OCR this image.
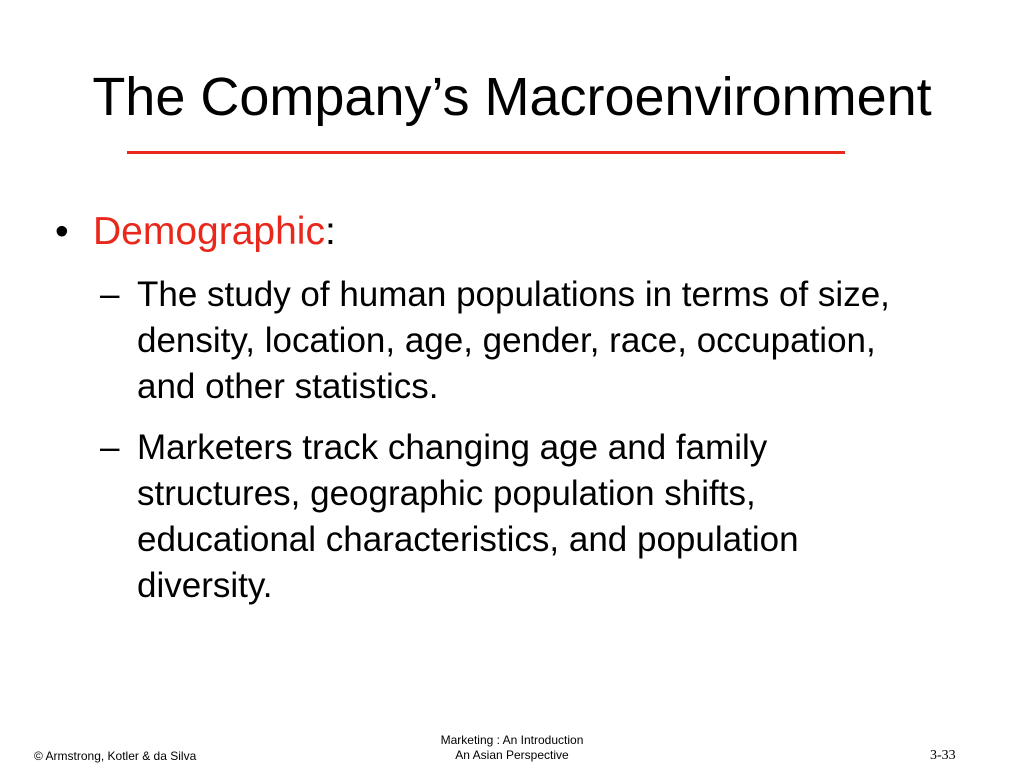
The Company’s Macroenvironment
• Demographic:
– The study of human populations in terms of size, density, location, age, gender, race, occupation, and other statistics.
– Marketers track changing age and family structures, geographic population shifts, educational characteristics, and population diversity.
© Armstrong, Kotler & da Silva
Marketing : An Introduction
An Asian Perspective	3-33
